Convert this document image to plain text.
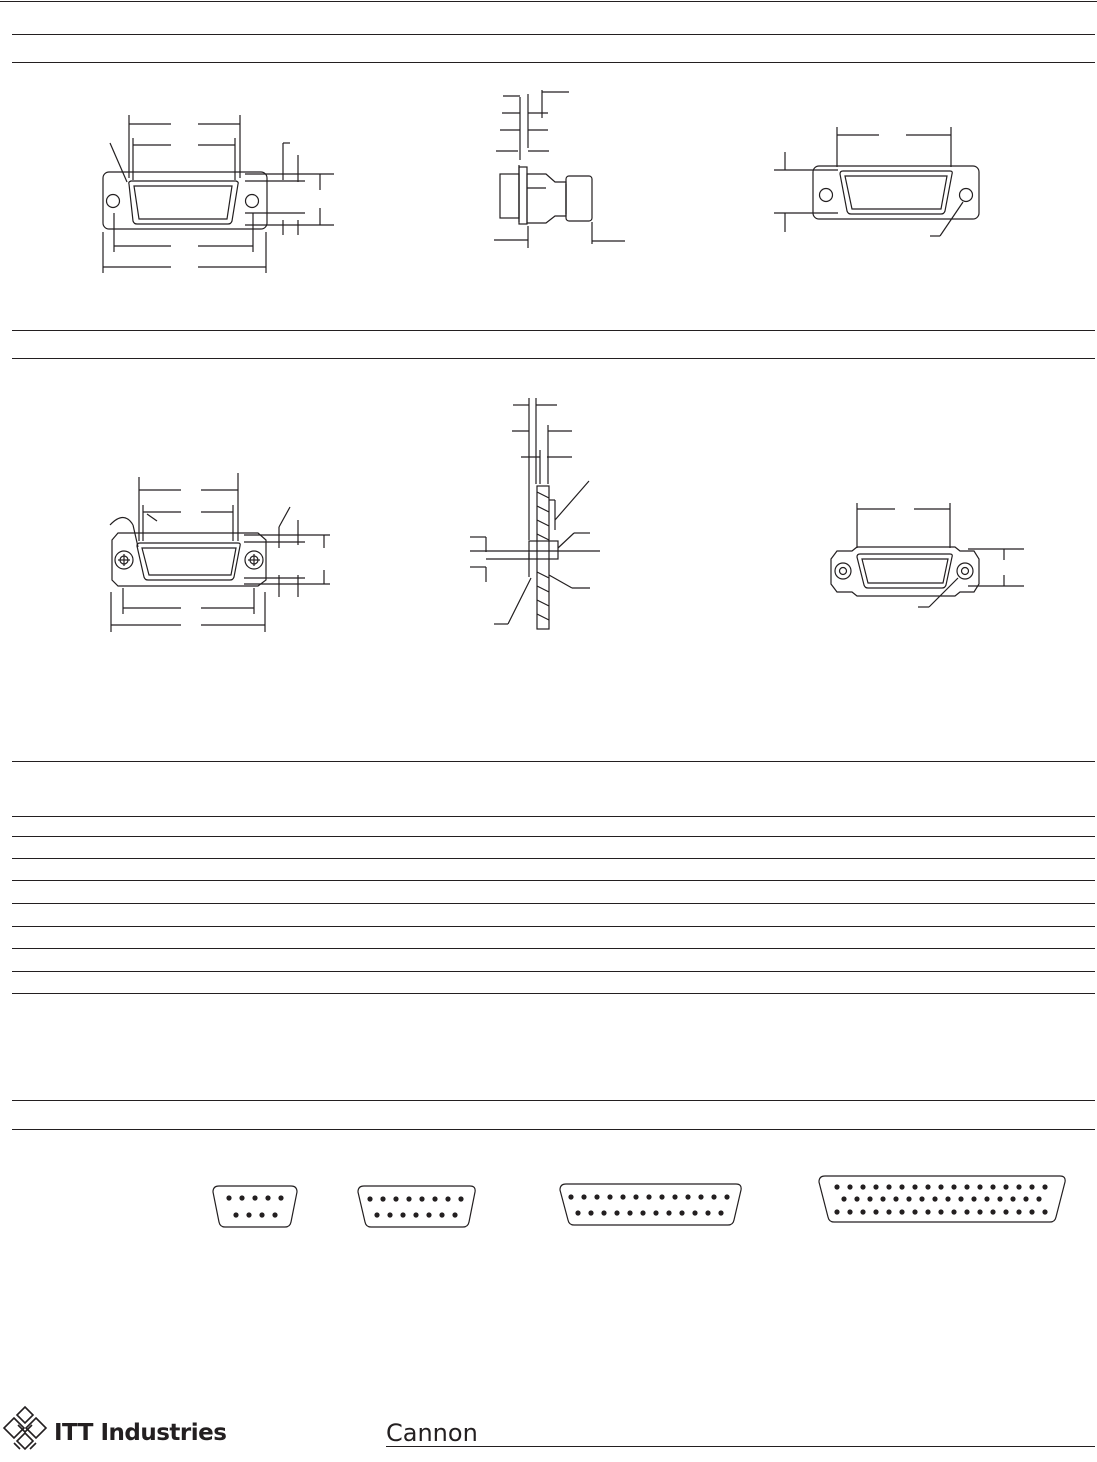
ITT Industries	Cannon
